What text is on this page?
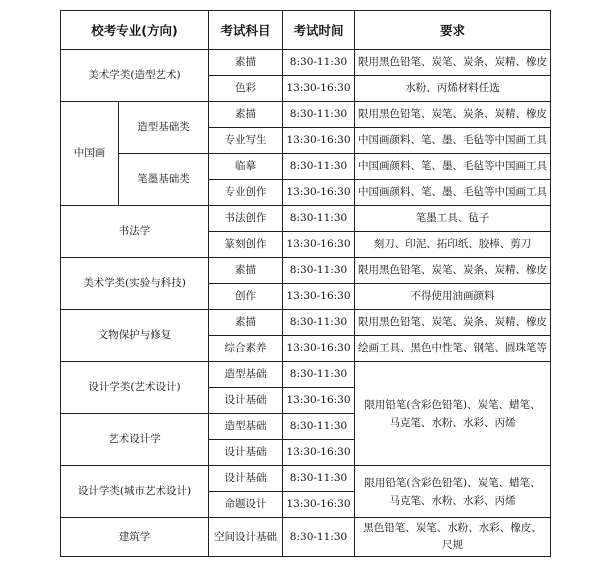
校考专业(方向)		考试科目	考试时间	要求
美术学类(造型艺术)		素描	8:30-11:30	限用黑色铅笔、炭笔、炭条、炭精、橡皮
		色彩	13:30-16:30	水粉、丙烯材料任选
中国画	造型基础类	素描	8:30-11:30	限用黑色铅笔、炭笔、炭条、炭精、橡皮
		专业写生	13:30-16:30	中国画颜料、笔、墨、毛毡等中国画工具
	笔墨基础类	临摹	8:30-11:30	中国画颜料、笔、墨、毛毡等中国画工具
		专业创作	13:30-16:30	中国画颜料、笔、墨、毛毡等中国画工具
书法学		书法创作	8:30-11:30	笔墨工具、毡子
		篆刻创作	13:30-16:30	刻刀、印泥、拓印纸、胶棒、剪刀
美术学类(实验与科技)		素描	8:30-11:30	限用黑色铅笔、炭笔、炭条、炭精、橡皮
		创作	13:30-16:30	不得使用油画颜料
文物保护与修复		素描	8:30-11:30	限用黑色铅笔、炭笔、炭条、炭精、橡皮
		综合素养	13:30-16:30	绘画工具、黑色中性笔、钢笔、圆珠笔等
设计学类(艺术设计)		造型基础	8:30-11:30	限用铅笔(含彩色铅笔)、炭笔、蜡笔、马克笔、水粉、水彩、丙烯
		设计基础	13:30-16:30	
艺术设计学		造型基础	8:30-11:30	
		设计基础	13:30-16:30	
设计学类(城市艺术设计)		设计基础	8:30-11:30	限用铅笔(含彩色铅笔)、炭笔、蜡笔、马克笔、水粉、水彩、丙烯
		命题设计	13:30-16:30	
建筑学		空间设计基础	8:30-11:30	黑色铅笔、炭笔、水粉、水彩、橡皮、尺规
